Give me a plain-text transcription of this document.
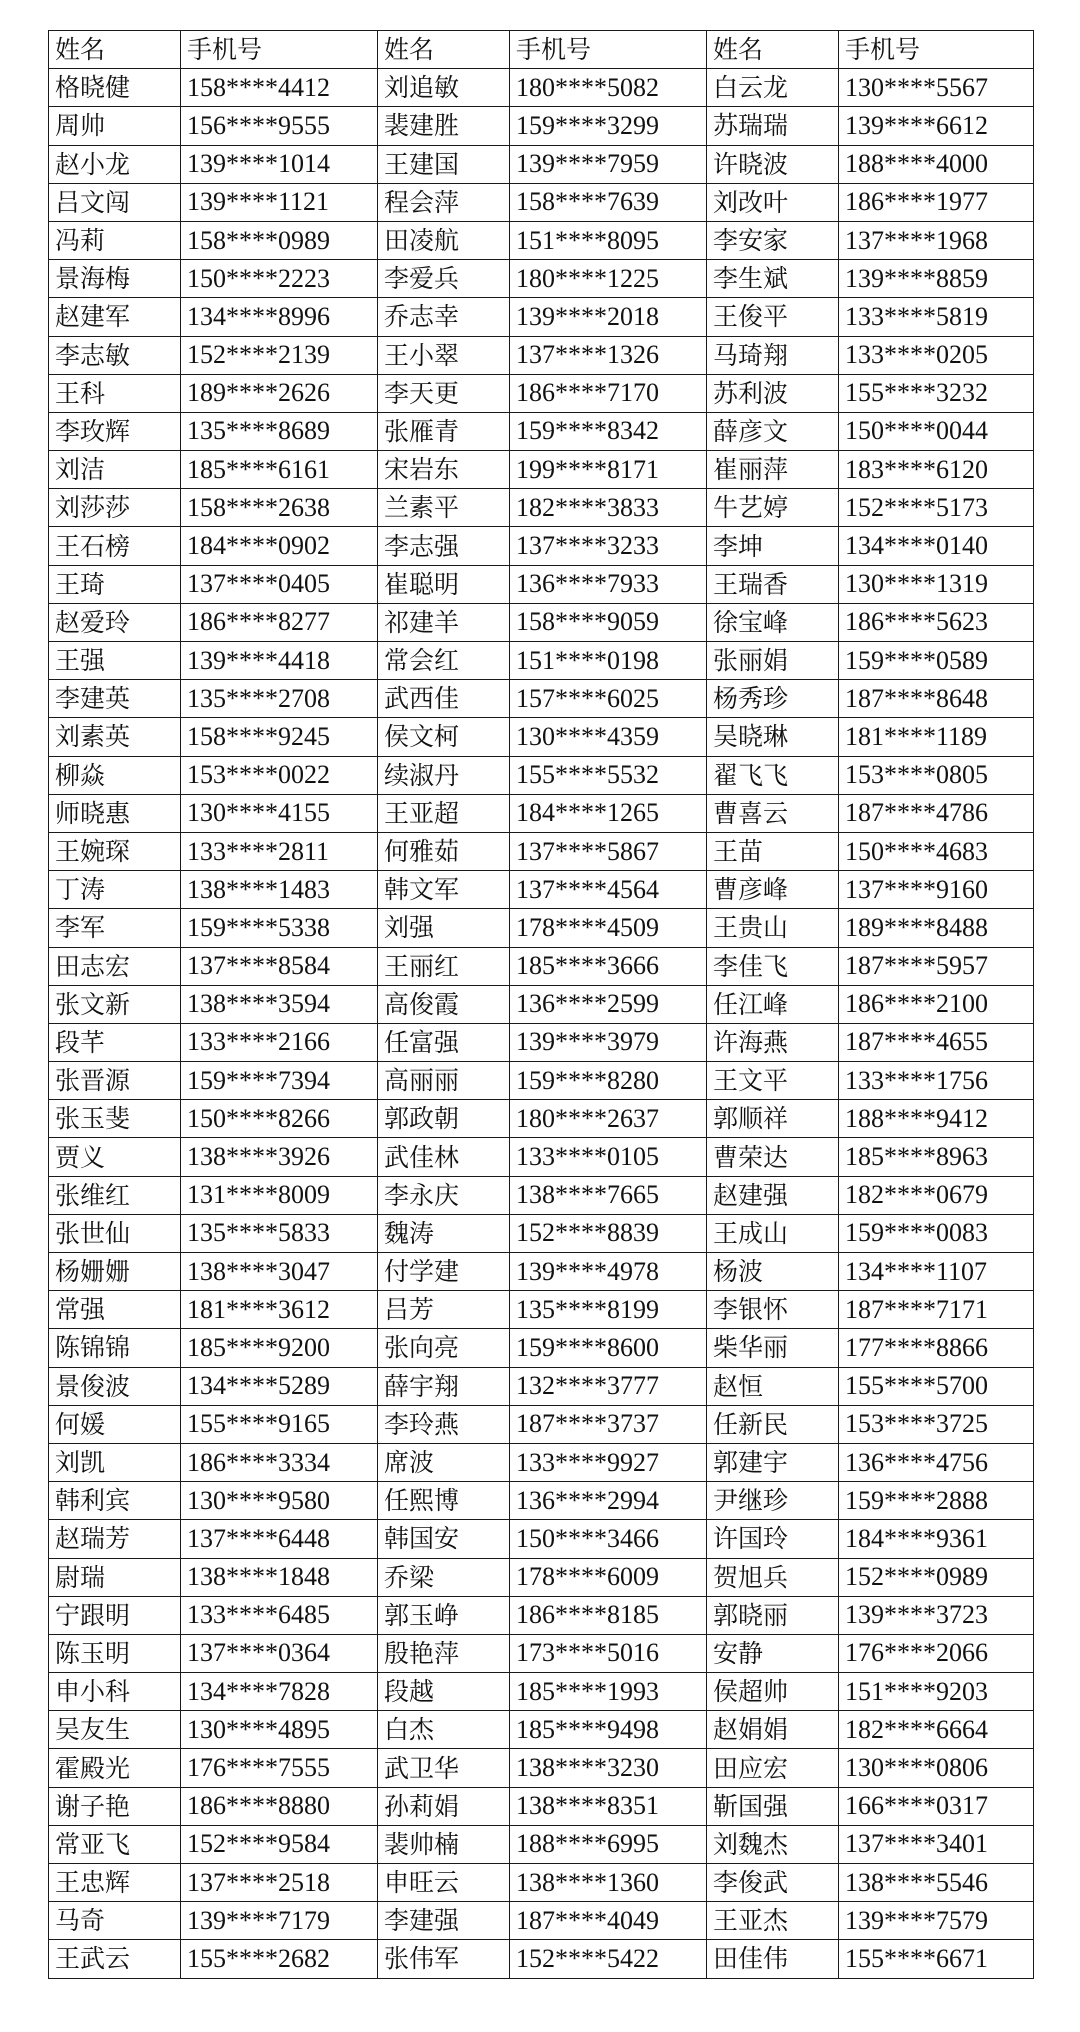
姓名	手机号	姓名	手机号	姓名	手机号
格晓健	158****4412	刘追敏	180****5082	白云龙	130****5567
周帅	156****9555	裴建胜	159****3299	苏瑞瑞	139****6612
赵小龙	139****1014	王建国	139****7959	许晓波	188****4000
吕文闯	139****1121	程会萍	158****7639	刘改叶	186****1977
冯莉	158****0989	田凌航	151****8095	李安家	137****1968
景海梅	150****2223	李爱兵	180****1225	李生斌	139****8859
赵建军	134****8996	乔志幸	139****2018	王俊平	133****5819
李志敏	152****2139	王小翠	137****1326	马琦翔	133****0205
王科	189****2626	李天更	186****7170	苏利波	155****3232
李玫辉	135****8689	张雁青	159****8342	薛彦文	150****0044
刘洁	185****6161	宋岩东	199****8171	崔丽萍	183****6120
刘莎莎	158****2638	兰素平	182****3833	牛艺婷	152****5173
王石榜	184****0902	李志强	137****3233	李坤	134****0140
王琦	137****0405	崔聪明	136****7933	王瑞香	130****1319
赵爱玲	186****8277	祁建羊	158****9059	徐宝峰	186****5623
王强	139****4418	常会红	151****0198	张丽娟	159****0589
李建英	135****2708	武西佳	157****6025	杨秀珍	187****8648
刘素英	158****9245	侯文柯	130****4359	吴晓琳	181****1189
柳焱	153****0022	续淑丹	155****5532	翟飞飞	153****0805
师晓惠	130****4155	王亚超	184****1265	曹喜云	187****4786
王婉琛	133****2811	何雅茹	137****5867	王苗	150****4683
丁涛	138****1483	韩文军	137****4564	曹彦峰	137****9160
李军	159****5338	刘强	178****4509	王贵山	189****8488
田志宏	137****8584	王丽红	185****3666	李佳飞	187****5957
张文新	138****3594	高俊霞	136****2599	任江峰	186****2100
段芊	133****2166	任富强	139****3979	许海燕	187****4655
张晋源	159****7394	高丽丽	159****8280	王文平	133****1756
张玉斐	150****8266	郭政朝	180****2637	郭顺祥	188****9412
贾义	138****3926	武佳林	133****0105	曹荣达	185****8963
张维红	131****8009	李永庆	138****7665	赵建强	182****0679
张世仙	135****5833	魏涛	152****8839	王成山	159****0083
杨姗姗	138****3047	付学建	139****4978	杨波	134****1107
常强	181****3612	吕芳	135****8199	李银怀	187****7171
陈锦锦	185****9200	张向亮	159****8600	柴华丽	177****8866
景俊波	134****5289	薛宇翔	132****3777	赵恒	155****5700
何媛	155****9165	李玲燕	187****3737	任新民	153****3725
刘凯	186****3334	席波	133****9927	郭建宇	136****4756
韩利宾	130****9580	任熙博	136****2994	尹继珍	159****2888
赵瑞芳	137****6448	韩国安	150****3466	许国玲	184****9361
尉瑞	138****1848	乔梁	178****6009	贺旭兵	152****0989
宁跟明	133****6485	郭玉峥	186****8185	郭晓丽	139****3723
陈玉明	137****0364	殷艳萍	173****5016	安静	176****2066
申小科	134****7828	段越	185****1993	侯超帅	151****9203
吴友生	130****4895	白杰	185****9498	赵娟娟	182****6664
霍殿光	176****7555	武卫华	138****3230	田应宏	130****0806
谢子艳	186****8880	孙莉娟	138****8351	靳国强	166****0317
常亚飞	152****9584	裴帅楠	188****6995	刘魏杰	137****3401
王忠辉	137****2518	申旺云	138****1360	李俊武	138****5546
马奇	139****7179	李建强	187****4049	王亚杰	139****7579
王武云	155****2682	张伟军	152****5422	田佳伟	155****6671
